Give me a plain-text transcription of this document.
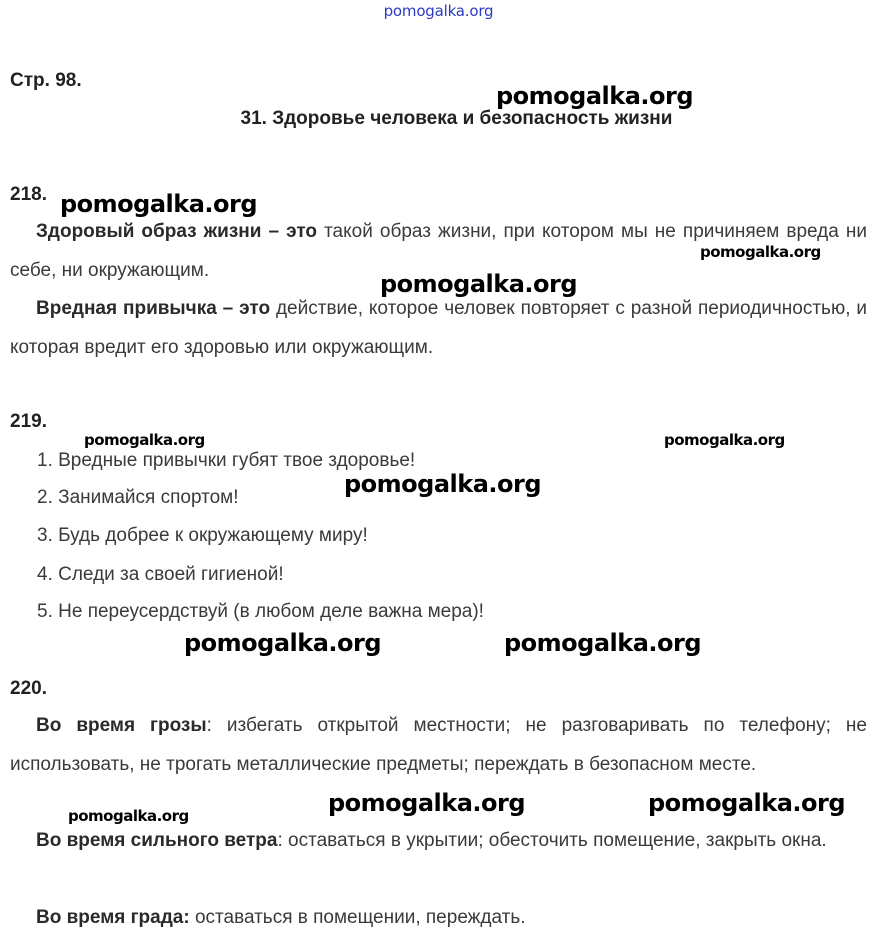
pomogalka.org
Стр. 98.
31. Здоровье человека и безопасность жизни
218.
Здоровый образ жизни – это такой образ жизни, при котором мы не причиняем вреда ни себе, ни окружающим.
Вредная привычка – это действие, которое человек повторяет с разной периодичностью, и которая вредит его здоровью или окружающим.
219.
1. Вредные привычки губят твое здоровье!
2. Занимайся спортом!
3. Будь добрее к окружающему миру!
4. Следи за своей гигиеной!
5. Не переусердствуй (в любом деле важна мера)!
220.
Во время грозы: избегать открытой местности; не разговаривать по телефону; не использовать, не трогать металлические предметы; переждать в безопасном месте.
Во время сильного ветра: оставаться в укрытии; обесточить помещение, закрыть окна.
Во время града: оставаться в помещении, переждать.
pomogalka.org
pomogalka.org
pomogalka.org
pomogalka.org
pomogalka.org	pomogalka.org
pomogalka.org
pomogalka.org	pomogalka.org
pomogalka.org	pomogalka.org	pomogalka.org
